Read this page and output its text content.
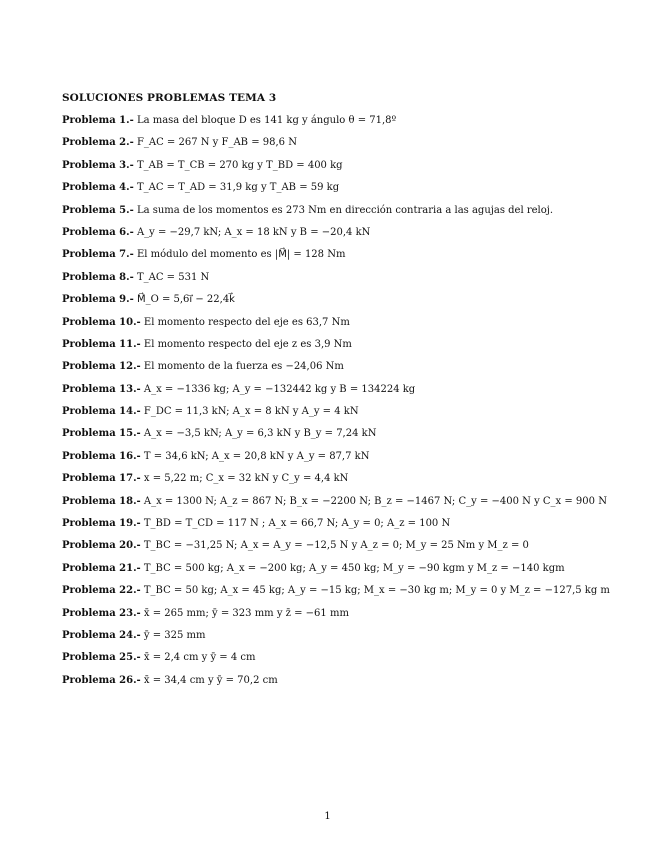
SOLUCIONES PROBLEMAS TEMA 3
Problema 1.- La masa del bloque D es 141 kg y ángulo θ = 71,8º
Problema 2.- F_AC = 267 N y F_AB = 98,6 N
Problema 3.- T_AB = T_CB = 270 kg y T_BD = 400 kg
Problema 4.- T_AC = T_AD = 31,9 kg y T_AB = 59 kg
Problema 5.- La suma de los momentos es 273 Nm en dirección contraria a las agujas del reloj.
Problema 6.- A_y = −29,7 kN; A_x = 18 kN y B = −20,4 kN
Problema 7.- El módulo del momento es |M⃗| = 128 Nm
Problema 8.- T_AC = 531 N
Problema 9.- M⃗_O = 5,6i⃗ − 22,4k⃗
Problema 10.- El momento respecto del eje es 63,7 Nm
Problema 11.- El momento respecto del eje z es 3,9 Nm
Problema 12.- El momento de la fuerza es −24,06 Nm
Problema 13.- A_x = −1336 kg; A_y = −132442 kg y B = 134224 kg
Problema 14.- F_DC = 11,3 kN; A_x = 8 kN y A_y = 4 kN
Problema 15.- A_x = −3,5 kN; A_y = 6,3 kN y B_y = 7,24 kN
Problema 16.- T = 34,6 kN; A_x = 20,8 kN y A_y = 87,7 kN
Problema 17.- x = 5,22 m; C_x = 32 kN y C_y = 4,4 kN
Problema 18.- A_x = 1300 N; A_z = 867 N; B_x = −2200 N; B_z = −1467 N; C_y = −400 N y C_x = 900 N
Problema 19.- T_BD = T_CD = 117 N ; A_x = 66,7 N; A_y = 0; A_z = 100 N
Problema 20.- T_BC = −31,25 N; A_x = A_y = −12,5 N y A_z = 0; M_y = 25 Nm y M_z = 0
Problema 21.- T_BC = 500 kg; A_x = −200 kg; A_y = 450 kg; M_y = −90 kgm y M_z = −140 kgm
Problema 22.- T_BC = 50 kg; A_x = 45 kg; A_y = −15 kg; M_x = −30 kg m; M_y = 0 y M_z = −127,5 kg m
Problema 23.- x̄ = 265 mm; ȳ = 323 mm y z̄ = −61 mm
Problema 24.- ȳ = 325 mm
Problema 25.- x̄ = 2,4 cm y ȳ = 4 cm
Problema 26.- x̄ = 34,4 cm y ȳ = 70,2 cm
1
